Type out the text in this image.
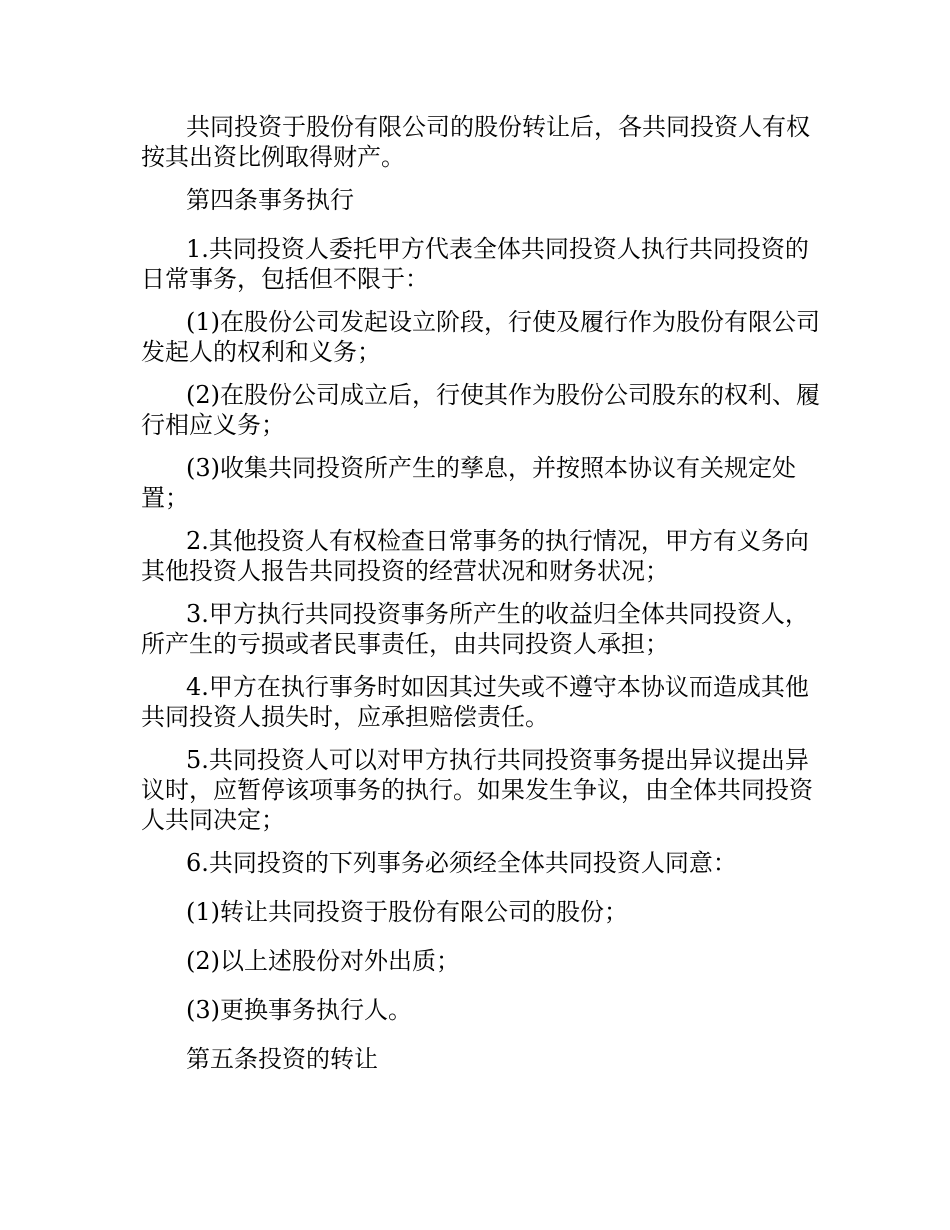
共同投资于股份有限公司的股份转让后，各共同投资人有权按其出资比例取得财产。

第四条事务执行

1.共同投资人委托甲方代表全体共同投资人执行共同投资的日常事务，包括但不限于：

(1)在股份公司发起设立阶段，行使及履行作为股份有限公司发起人的权利和义务；

(2)在股份公司成立后，行使其作为股份公司股东的权利、履行相应义务；

(3)收集共同投资所产生的孳息，并按照本协议有关规定处置；

2.其他投资人有权检查日常事务的执行情况，甲方有义务向其他投资人报告共同投资的经营状况和财务状况；

3.甲方执行共同投资事务所产生的收益归全体共同投资人，所产生的亏损或者民事责任，由共同投资人承担；

4.甲方在执行事务时如因其过失或不遵守本协议而造成其他共同投资人损失时，应承担赔偿责任。

5.共同投资人可以对甲方执行共同投资事务提出异议提出异议时，应暂停该项事务的执行。如果发生争议，由全体共同投资人共同决定；

6.共同投资的下列事务必须经全体共同投资人同意：

(1)转让共同投资于股份有限公司的股份；

(2)以上述股份对外出质；

(3)更换事务执行人。

第五条投资的转让
